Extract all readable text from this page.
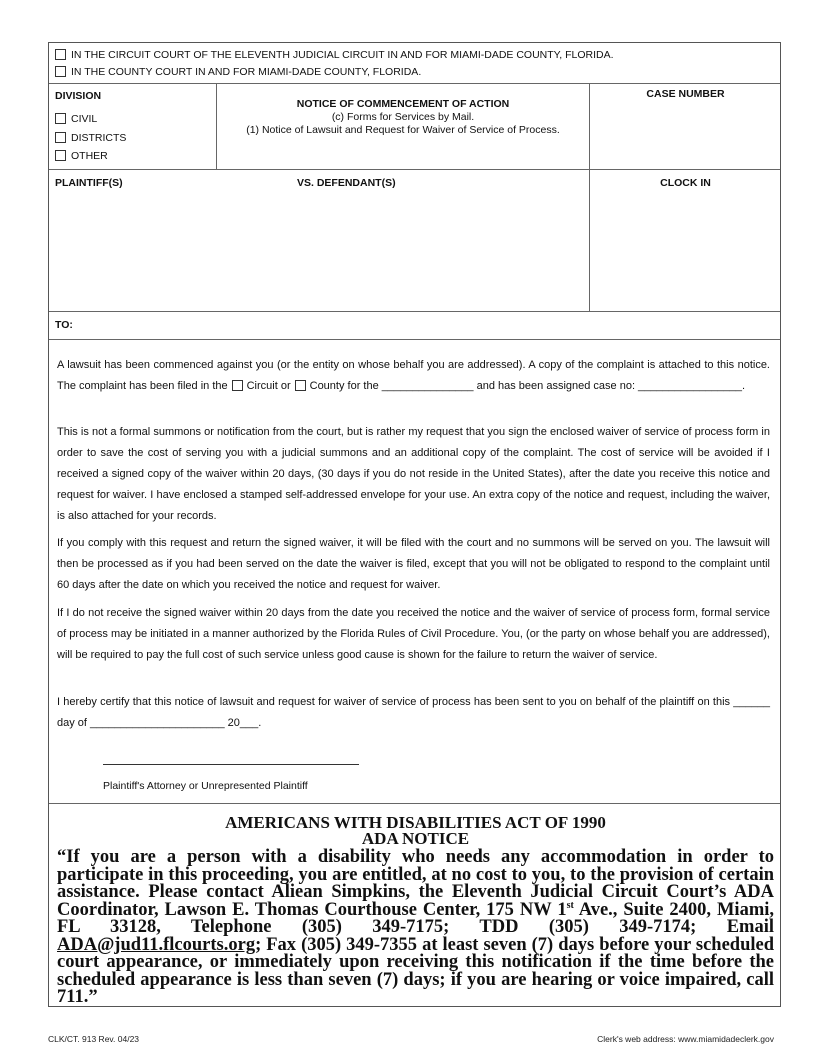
IN THE CIRCUIT COURT OF THE ELEVENTH JUDICIAL CIRCUIT IN AND FOR MIAMI-DADE COUNTY, FLORIDA.
IN THE COUNTY COURT IN AND FOR MIAMI-DADE COUNTY, FLORIDA.
DIVISION
CIVIL
DISTRICTS
OTHER
NOTICE OF COMMENCEMENT OF ACTION
(c) Forms for Services by Mail.
(1) Notice of Lawsuit and Request for Waiver of Service of Process.
CASE NUMBER
PLAINTIFF(S)	VS. DEFENDANT(S)	CLOCK IN
TO:
A lawsuit has been commenced against you (or the entity on whose behalf you are addressed). A copy of the complaint is attached to this notice. The complaint has been filed in the Circuit or County for the _______________ and has been assigned case no: _________________.
This is not a formal summons or notification from the court, but is rather my request that you sign the enclosed waiver of service of process form in order to save the cost of serving you with a judicial summons and an additional copy of the complaint. The cost of service will be avoided if I received a signed copy of the waiver within 20 days, (30 days if you do not reside in the United States), after the date you receive this notice and request for waiver. I have enclosed a stamped self-addressed envelope for your use. An extra copy of the notice and request, including the waiver, is also attached for your records.
If you comply with this request and return the signed waiver, it will be filed with the court and no summons will be served on you. The lawsuit will then be processed as if you had been served on the date the waiver is filed, except that you will not be obligated to respond to the complaint until 60 days after the date on which you received the notice and request for waiver.
If I do not receive the signed waiver within 20 days from the date you received the notice and the waiver of service of process form, formal service of process may be initiated in a manner authorized by the Florida Rules of Civil Procedure. You, (or the party on whose behalf you are addressed), will be required to pay the full cost of such service unless good cause is shown for the failure to return the waiver of service.
I hereby certify that this notice of lawsuit and request for waiver of service of process has been sent to you on behalf of the plaintiff on this ______ day of ______________________ 20___.
Plaintiff's Attorney or Unrepresented Plaintiff
AMERICANS WITH DISABILITIES ACT OF 1990
ADA NOTICE
“If you are a person with a disability who needs any accommodation in order to participate in this proceeding, you are entitled, at no cost to you, to the provision of certain assistance. Please contact Aliean Simpkins, the Eleventh Judicial Circuit Court’s ADA Coordinator, Lawson E. Thomas Courthouse Center, 175 NW 1st Ave., Suite 2400, Miami, FL 33128, Telephone (305) 349-7175; TDD (305) 349-7174; Email ADA@jud11.flcourts.org; Fax (305) 349-7355 at least seven (7) days before your scheduled court appearance, or immediately upon receiving this notification if the time before the scheduled appearance is less than seven (7) days; if you are hearing or voice impaired, call 711.”
CLK/CT. 913 Rev. 04/23	Clerk's web address: www.miamidadeclerk.gov
